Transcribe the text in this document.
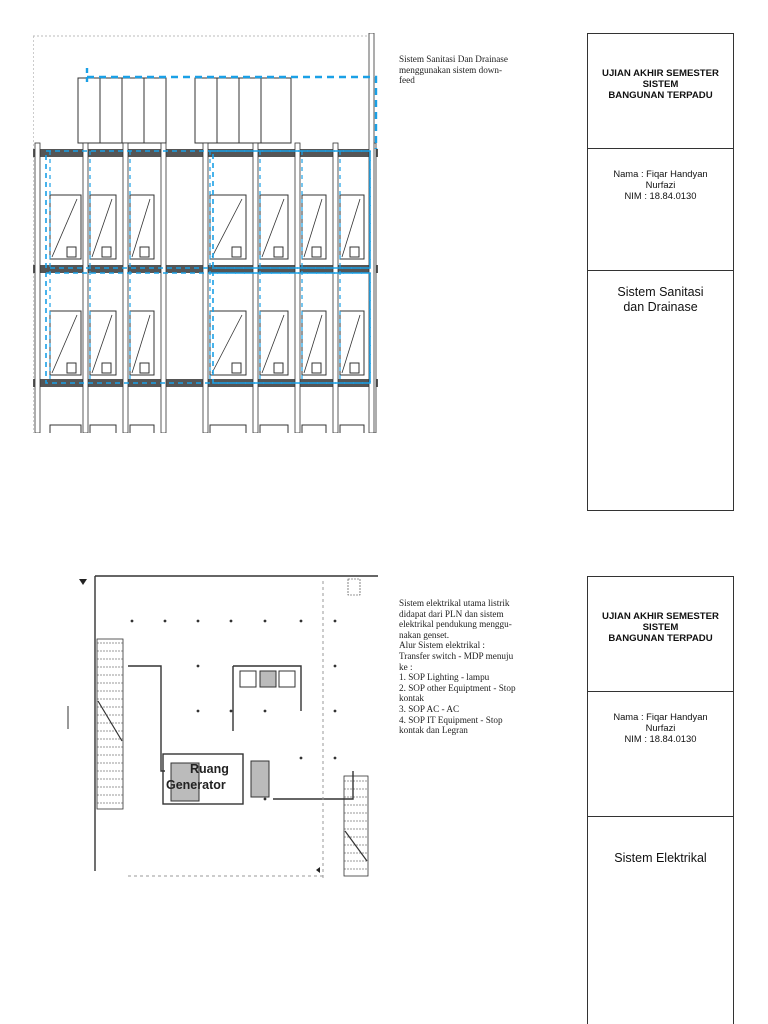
Sistem Sanitasi Dan Drainase
menggunakan sistem down-
feed
UJIAN AKHIR SEMESTER
SISTEM
BANGUNAN TERPADU
Nama : Fiqar Handyan
Nurfazi
NIM : 18.84.0130
Sistem Sanitasi
dan Drainase
Ruang Generator
Sistem elektrikal utama listrik
didapat dari PLN dan sistem
elektrikal pendukung menggu-
nakan genset.
Alur Sistem elektrikal :
Transfer switch - MDP menuju
ke :
1. SOP Lighting - lampu
2. SOP other Equiptment - Stop
kontak
3. SOP AC - AC
4. SOP IT Equipment - Stop
kontak dan Legran
UJIAN AKHIR SEMESTER
SISTEM
BANGUNAN TERPADU
Nama : Fiqar Handyan
Nurfazi
NIM : 18.84.0130
Sistem Elektrikal
